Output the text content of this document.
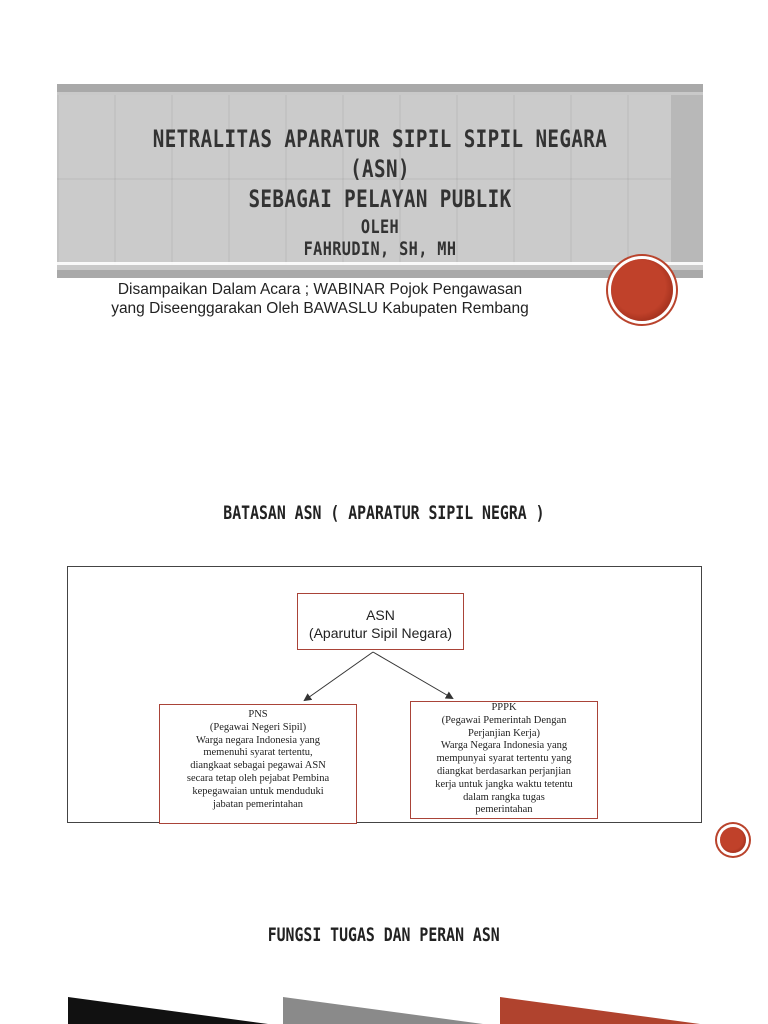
NETRALITAS APARATUR SIPIL SIPIL NEGARA (ASN)
SEBAGAI PELAYAN PUBLIK
OLEH
FAHRUDIN, SH, MH
Disampaikan Dalam Acara ; WABINAR Pojok Pengawasan
yang Diseenggarakan Oleh BAWASLU Kabupaten Rembang
BATASAN ASN ( APARATUR SIPIL NEGRA )
ASN
(Aparutur Sipil Negara)
PNS
(Pegawai Negeri Sipil)
Warga negara Indonesia yang
memenuhi syarat tertentu,
diangkaat sebagai pegawai ASN
secara tetap oleh pejabat Pembina
kepegawaian untuk menduduki
jabatan pemerintahan
PPPK
(Pegawai Pemerintah Dengan
Perjanjian Kerja)
Warga Negara Indonesia yang
mempunyai syarat tertentu yang
diangkat berdasarkan perjanjian
kerja untuk jangka waktu tetentu
dalam rangka tugas
pemerintahan
FUNGSI TUGAS DAN PERAN ASN
